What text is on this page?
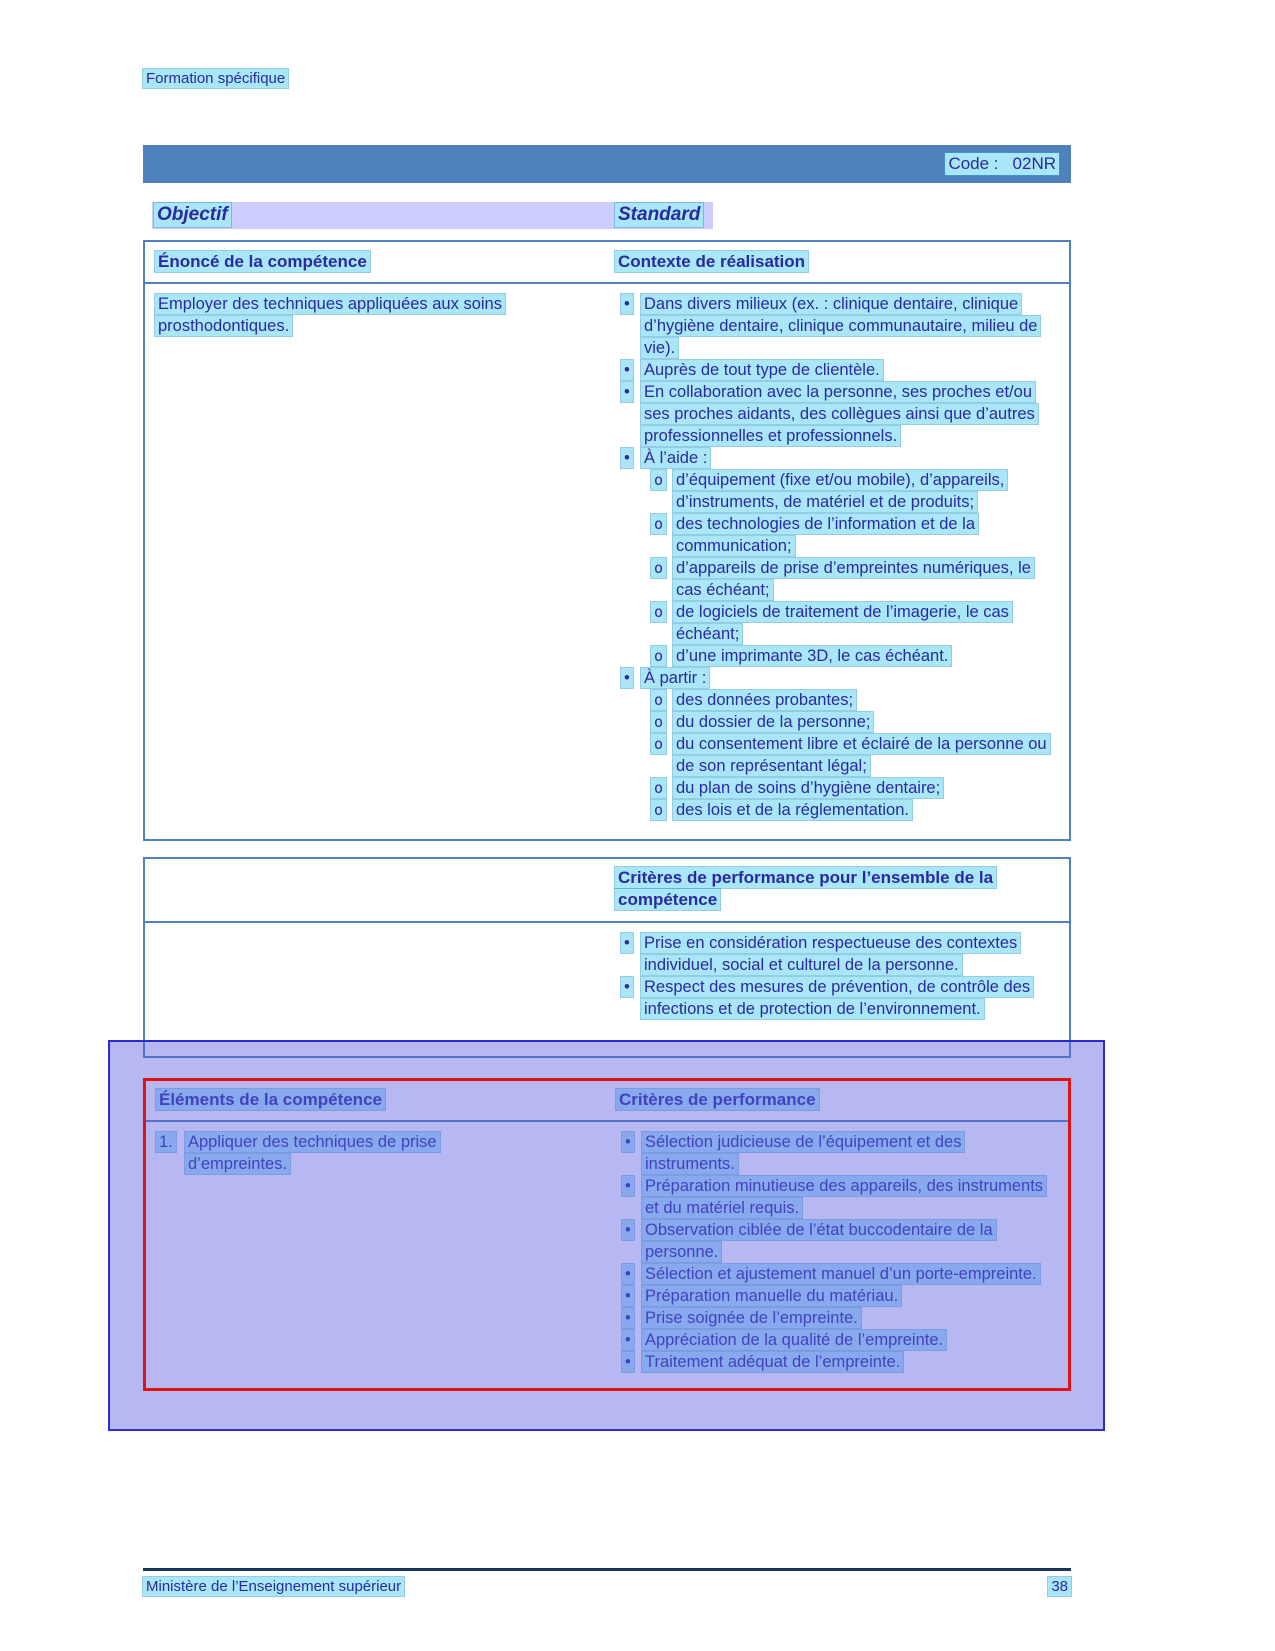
Formation spécifique
Code : 02NR
Objectif	Standard
Énoncé de la compétence	Contexte de réalisation
Employer des techniques appliquées aux soins prosthodontiques.
• Dans divers milieux (ex. : clinique dentaire, clinique d’hygiène dentaire, clinique communautaire, milieu de vie).
• Auprès de tout type de clientèle.
• En collaboration avec la personne, ses proches et/ou ses proches aidants, des collègues ainsi que d’autres professionnelles et professionnels.
• À l’aide :
o d’équipement (fixe et/ou mobile), d’appareils, d’instruments, de matériel et de produits;
o des technologies de l’information et de la communication;
o d’appareils de prise d’empreintes numériques, le cas échéant;
o de logiciels de traitement de l’imagerie, le cas échéant;
o d’une imprimante 3D, le cas échéant.
• À partir :
o des données probantes;
o du dossier de la personne;
o du consentement libre et éclairé de la personne ou de son représentant légal;
o du plan de soins d’hygiène dentaire;
o des lois et de la réglementation.
Critères de performance pour l’ensemble de la compétence
• Prise en considération respectueuse des contextes individuel, social et culturel de la personne.
• Respect des mesures de prévention, de contrôle des infections et de protection de l’environnement.
Éléments de la compétence	Critères de performance
1. Appliquer des techniques de prise d’empreintes.
• Sélection judicieuse de l’équipement et des instruments.
• Préparation minutieuse des appareils, des instruments et du matériel requis.
• Observation ciblée de l’état buccodentaire de la personne.
• Sélection et ajustement manuel d’un porte-empreinte.
• Préparation manuelle du matériau.
• Prise soignée de l’empreinte.
• Appréciation de la qualité de l’empreinte.
• Traitement adéquat de l’empreinte.
Ministère de l’Enseignement supérieur	38
